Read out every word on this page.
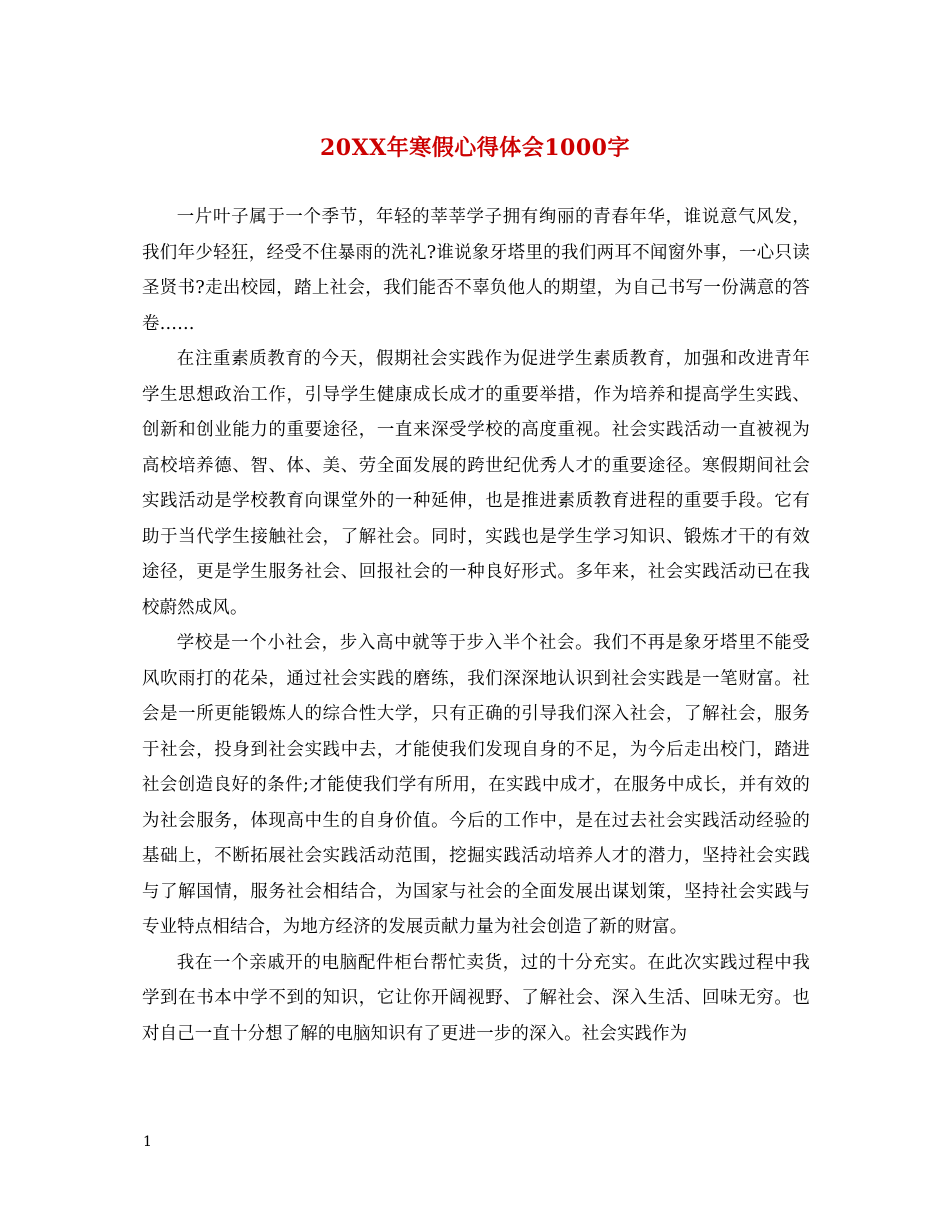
20XX年寒假心得体会1000字

一片叶子属于一个季节，年轻的莘莘学子拥有绚丽的青春年华，谁说意气风发，我们年少轻狂，经受不住暴雨的洗礼?谁说象牙塔里的我们两耳不闻窗外事，一心只读圣贤书?走出校园，踏上社会，我们能否不辜负他人的期望，为自己书写一份满意的答卷……

在注重素质教育的今天，假期社会实践作为促进学生素质教育，加强和改进青年学生思想政治工作，引导学生健康成长成才的重要举措，作为培养和提高学生实践、创新和创业能力的重要途径，一直来深受学校的高度重视。社会实践活动一直被视为高校培养德、智、体、美、劳全面发展的跨世纪优秀人才的重要途径。寒假期间社会实践活动是学校教育向课堂外的一种延伸，也是推进素质教育进程的重要手段。它有助于当代学生接触社会，了解社会。同时，实践也是学生学习知识、锻炼才干的有效途径，更是学生服务社会、回报社会的一种良好形式。多年来，社会实践活动已在我校蔚然成风。

学校是一个小社会，步入高中就等于步入半个社会。我们不再是象牙塔里不能受风吹雨打的花朵，通过社会实践的磨练，我们深深地认识到社会实践是一笔财富。社会是一所更能锻炼人的综合性大学，只有正确的引导我们深入社会，了解社会，服务于社会，投身到社会实践中去，才能使我们发现自身的不足，为今后走出校门，踏进社会创造良好的条件;才能使我们学有所用，在实践中成才，在服务中成长，并有效的为社会服务，体现高中生的自身价值。今后的工作中，是在过去社会实践活动经验的基础上，不断拓展社会实践活动范围，挖掘实践活动培养人才的潜力，坚持社会实践与了解国情，服务社会相结合，为国家与社会的全面发展出谋划策，坚持社会实践与专业特点相结合，为地方经济的发展贡献力量为社会创造了新的财富。

我在一个亲戚开的电脑配件柜台帮忙卖货，过的十分充实。在此次实践过程中我学到在书本中学不到的知识，它让你开阔视野、了解社会、深入生活、回味无穷。也对自己一直十分想了解的电脑知识有了更进一步的深入。社会实践作为

1
